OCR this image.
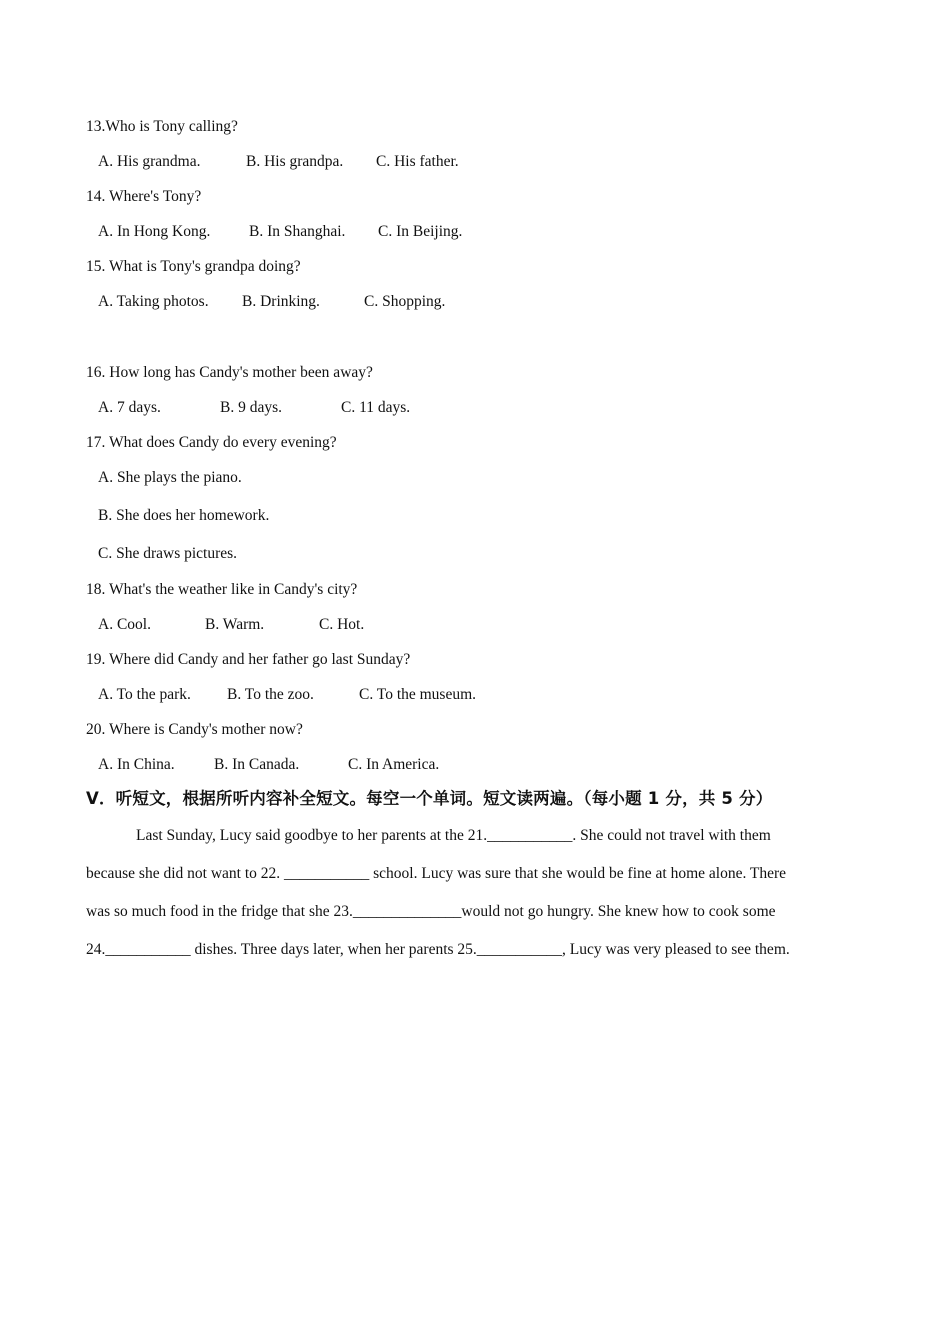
13.Who is Tony calling?
A. His grandma.	B. His grandpa. C. His father.
14. Where's Tony?
A. In Hong Kong. B. In Shanghai. C. In Beijing.
15. What is Tony's grandpa doing?
A. Taking photos. B. Drinking.	C. Shopping.
16. How long has Candy's mother been away?
A. 7 days.	B. 9 days.	C. 11 days.
17. What does Candy do every evening?
A. She plays the piano.
B. She does her homework.
C. She draws pictures.
18. What's the weather like in Candy's city?
A. Cool.	B. Warm.	C. Hot.
19. Where did Candy and her father go last Sunday?
A. To the park. B. To the zoo.	C. To the museum.
20. Where is Candy's mother now?
A. In China.	B. In Canada.	C. In America.
V．听短文，根据所听内容补全短文。每空一个单词。短文读两遍。（每小题 1 分，共 5 分）
Last Sunday, Lucy said goodbye to her parents at the 21.___________. She could not travel with them
because she did not want to 22. ___________ school. Lucy was sure that she would be fine at home alone. There
was so much food in the fridge that she 23.______________would not go hungry. She knew how to cook some
24.___________ dishes. Three days later, when her parents 25.___________, Lucy was very pleased to see them.
